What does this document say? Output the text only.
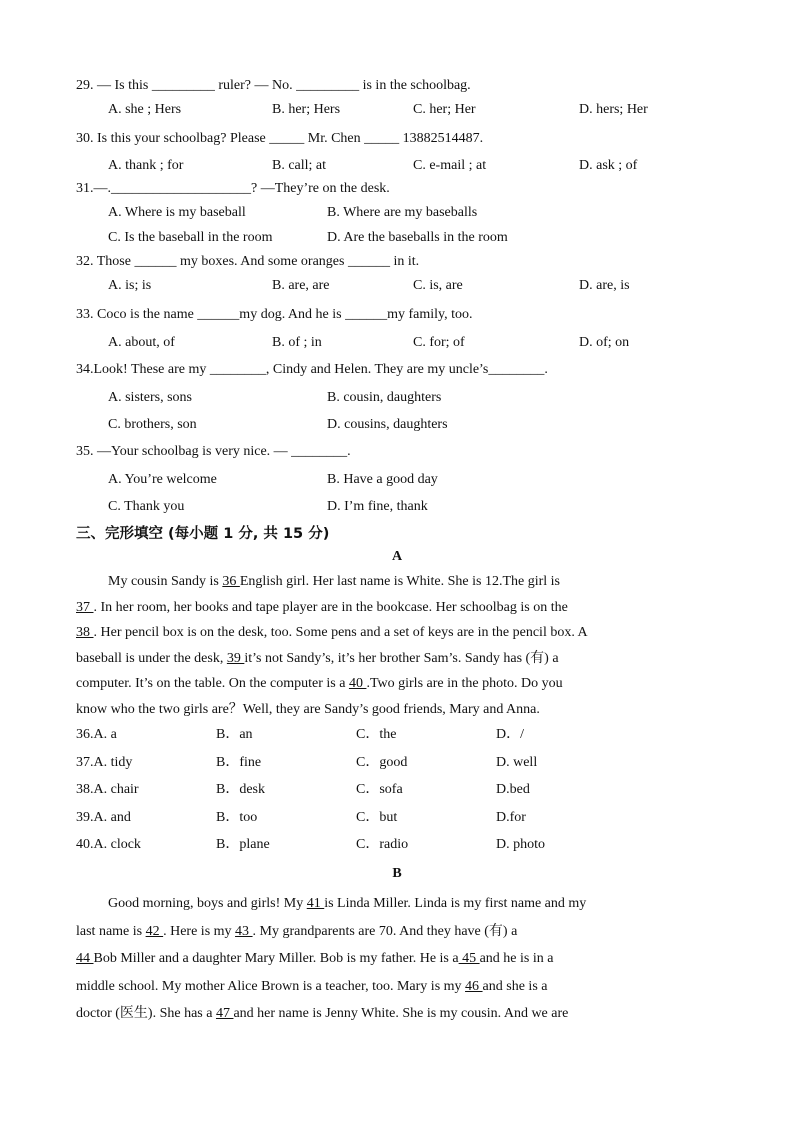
29. — Is this _________ ruler? — No. _________ is in the schoolbag.
A. she ; Hers	B. her; Hers	C. her; Her	D. hers; Her
30. Is this your schoolbag? Please _____ Mr. Chen _____ 13882514487.
A. thank ; for	B. call; at	C. e-mail ; at	D. ask ; of
31.—.____________________? —They’re on the desk.
A. Where is my baseball	B. Where are my baseballs
C. Is the baseball in the room	D. Are the baseballs in the room
32. Those ______ my boxes. And some oranges ______ in it.
A. is; is	B. are, are	C. is, are	D. are, is
33. Coco is the name ______my dog. And he is ______my family, too.
A. about, of	B. of ; in	C. for; of	D. of; on
34.Look! These are my ________, Cindy and Helen. They are my uncle’s________.
A. sisters, sons	B. cousin, daughters
C. brothers, son	D. cousins, daughters
35. —Your schoolbag is very nice. — ________.
A. You’re welcome	B. Have a good day
C. Thank you	D. I’m fine, thank
三、完形填空 (每小题 1 分, 共 15 分)
A
My cousin Sandy is 36 English girl. Her last name is White. She is 12.The girl is
37 . In her room, her books and tape player are in the bookcase. Her schoolbag is on the
38 . Her pencil box is on the desk, too. Some pens and a set of keys are in the pencil box. A
baseball is under the desk, 39 it’s not Sandy’s, it’s her brother Sam’s. Sandy has (有) a
computer. It’s on the table. On the computer is a 40 .Two girls are in the photo. Do you
know who the two girls are？Well, they are Sandy’s good friends, Mary and Anna.
36.A. a	B．an	C．the	D．/
37.A. tidy	B．fine	C．good	D. well
38.A. chair	B．desk	C．sofa	D.bed
39.A. and	B．too	C．but	D.for
40.A. clock	B．plane	C．radio	D. photo
B
Good morning, boys and girls! My 41 is Linda Miller. Linda is my first name and my
last name is 42 . Here is my 43 . My grandparents are 70. And they have (有) a
44 Bob Miller and a daughter Mary Miller. Bob is my father. He is a 45 and he is in a
middle school. My mother Alice Brown is a teacher, too. Mary is my 46 and she is a
doctor (医生). She has a 47 and her name is Jenny White. She is my cousin. And we are
